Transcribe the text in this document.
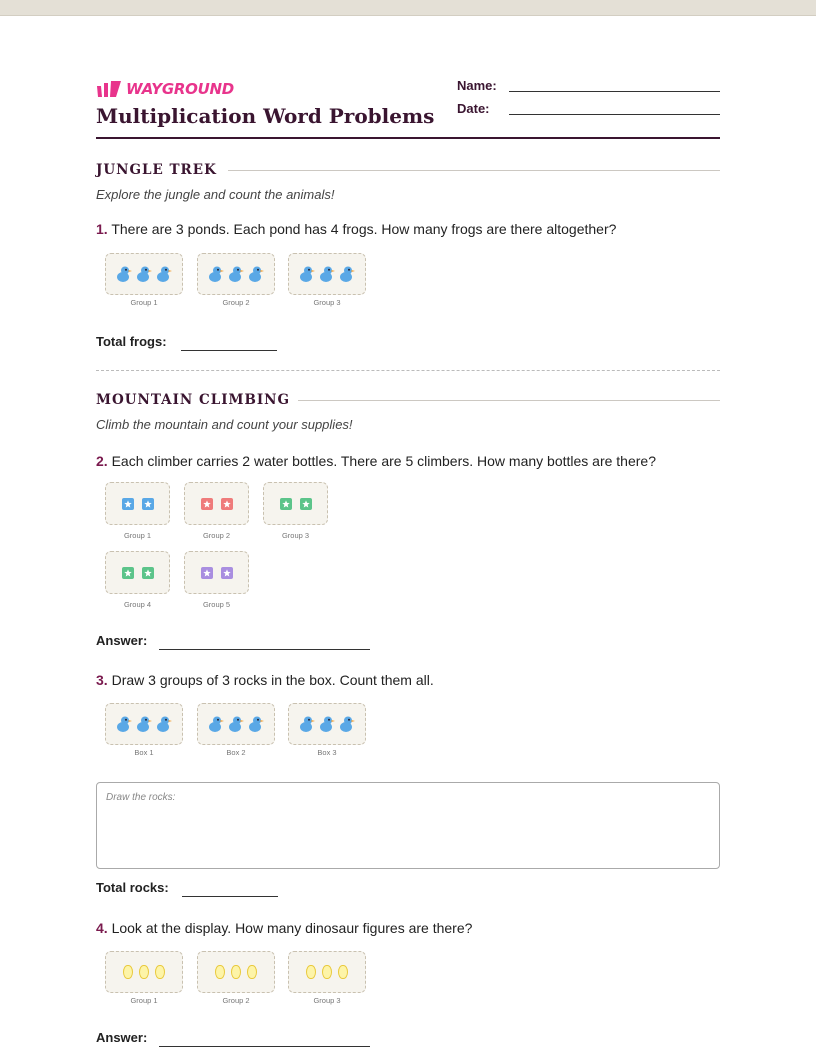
WAYGROUND
Multiplication Word Problems
Name:
Date:
JUNGLE TREK
Explore the jungle and count the animals!
1. There are 3 ponds. Each pond has 4 frogs. How many frogs are there altogether?
Group 1	Group 2	Group 3
Total frogs:
MOUNTAIN CLIMBING
Climb the mountain and count your supplies!
2. Each climber carries 2 water bottles. There are 5 climbers. How many bottles are there?
Group 1	Group 2	Group 3
Group 4	Group 5
Answer:
3. Draw 3 groups of 3 rocks in the box. Count them all.
Box 1	Box 2	Box 3
Draw the rocks:
Total rocks:
4. Look at the display. How many dinosaur figures are there?
Group 1	Group 2	Group 3
Answer:
